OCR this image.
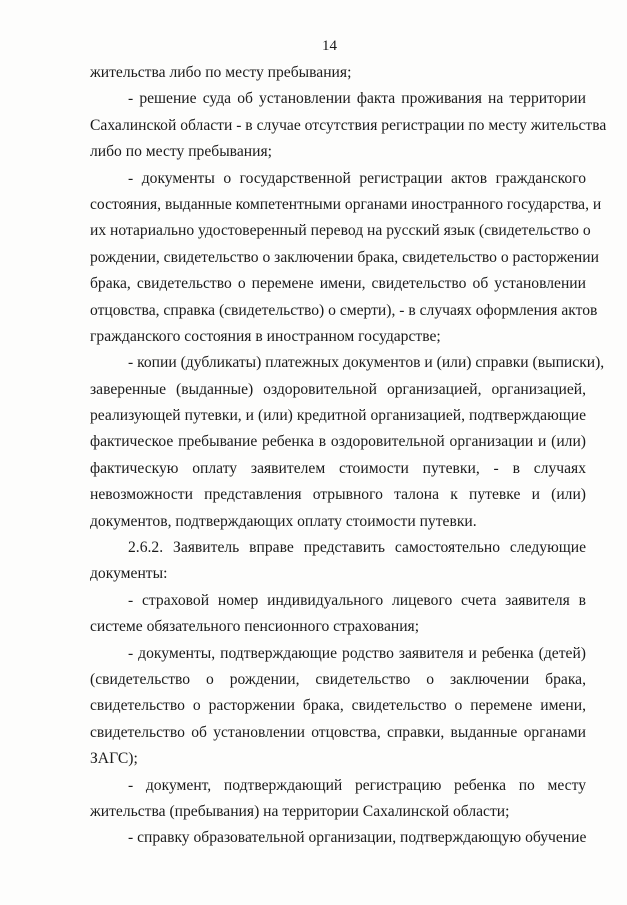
14
жительства либо по месту пребывания;
- решение суда об установлении факта проживания на территории
Сахалинской области - в случае отсутствия регистрации по месту жительства
либо по месту пребывания;
- документы о государственной регистрации актов гражданского
состояния, выданные компетентными органами иностранного государства, и
их нотариально удостоверенный перевод на русский язык (свидетельство о
рождении, свидетельство о заключении брака, свидетельство о расторжении
брака, свидетельство о перемене имени, свидетельство об установлении
отцовства, справка (свидетельство) о смерти), - в случаях оформления актов
гражданского состояния в иностранном государстве;
- копии (дубликаты) платежных документов и (или) справки (выписки),
заверенные (выданные) оздоровительной организацией, организацией,
реализующей путевки, и (или) кредитной организацией, подтверждающие
фактическое пребывание ребенка в оздоровительной организации и (или)
фактическую оплату заявителем стоимости путевки, - в случаях
невозможности представления отрывного талона к путевке и (или)
документов, подтверждающих оплату стоимости путевки.
2.6.2. Заявитель вправе представить самостоятельно следующие
документы:
- страховой номер индивидуального лицевого счета заявителя в
системе обязательного пенсионного страхования;
- документы, подтверждающие родство заявителя и ребенка (детей)
(свидетельство о рождении, свидетельство о заключении брака,
свидетельство о расторжении брака, свидетельство о перемене имени,
свидетельство об установлении отцовства, справки, выданные органами
ЗАГС);
- документ, подтверждающий регистрацию ребенка по месту
жительства (пребывания) на территории Сахалинской области;
- справку образовательной организации, подтверждающую обучение
